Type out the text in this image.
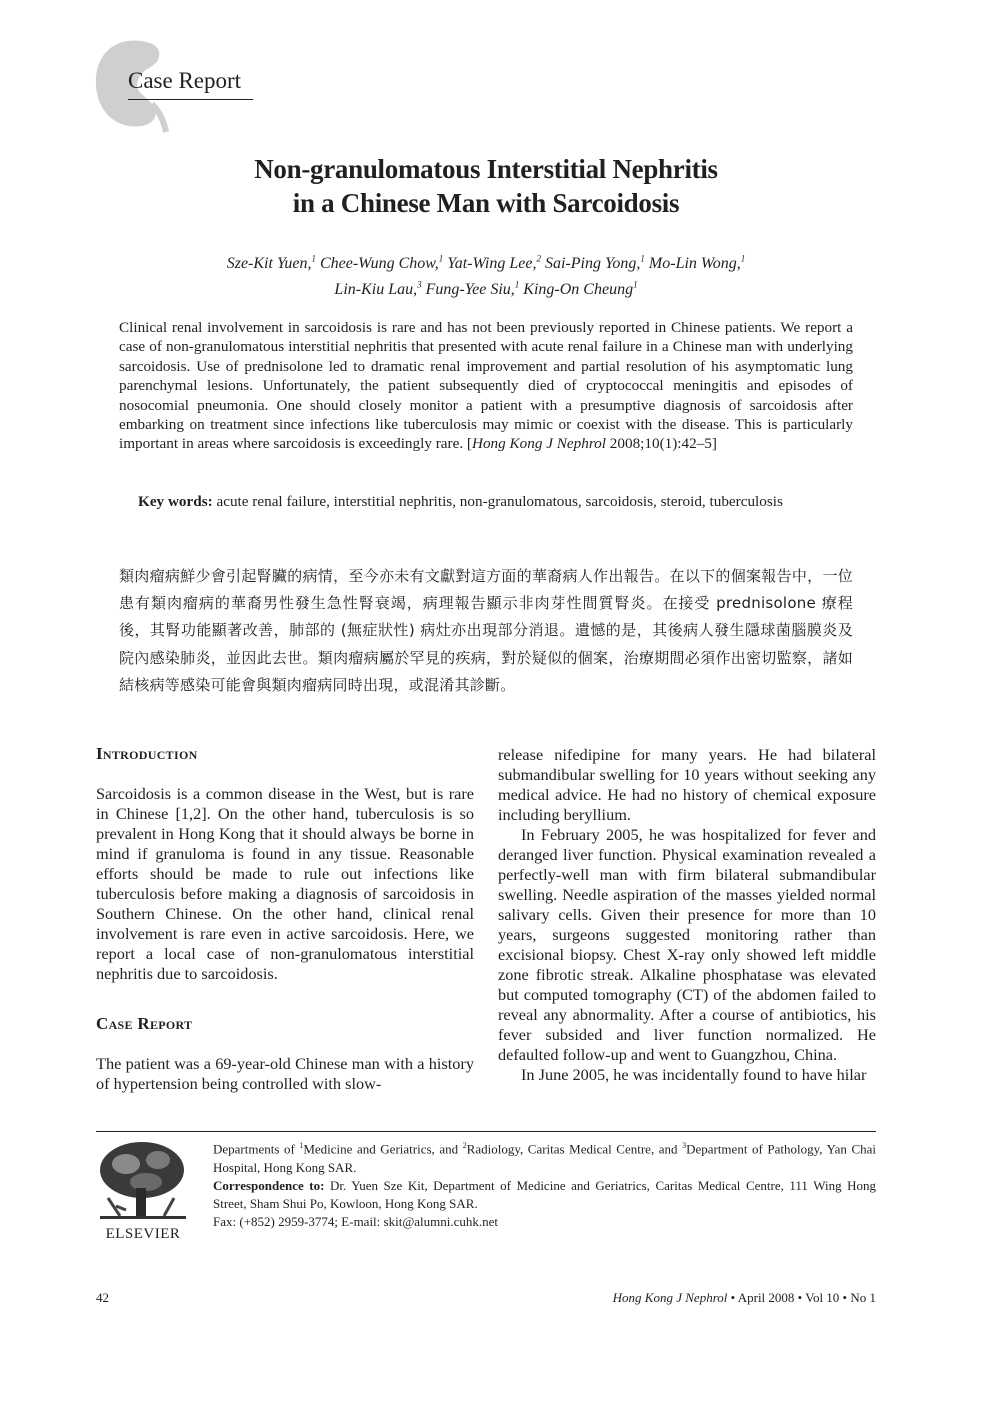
Case Report
Non-granulomatous Interstitial Nephritis
in a Chinese Man with Sarcoidosis
Sze-Kit Yuen,$^1$ Chee-Wung Chow,$^1$ Yat-Wing Lee,$^2$ Sai-Ping Yong,$^1$ Mo-Lin Wong,$^1$
Lin-Kiu Lau,$^3$ Fung-Yee Siu,$^1$ King-On Cheung$^1$
Clinical renal involvement in sarcoidosis is rare and has not been previously reported in Chinese patients. We report a case of non-granulomatous interstitial nephritis that presented with acute renal failure in a Chinese man with underlying sarcoidosis. Use of prednisolone led to dramatic renal improvement and partial resolution of his asymptomatic lung parenchymal lesions. Unfortunately, the patient subsequently died of cryptococcal meningitis and episodes of nosocomial pneumonia. One should closely monitor a patient with a presumptive diagnosis of sarcoidosis after embarking on treatment since infections like tuberculosis may mimic or coexist with the disease. This is particularly important in areas where sarcoidosis is exceedingly rare. [Hong Kong J Nephrol 2008;10(1):42–5]
Key words: acute renal failure, interstitial nephritis, non-granulomatous, sarcoidosis, steroid, tuberculosis
類肉瘤病鮮少會引起腎臟的病情，至今亦未有文獻對這方面的華裔病人作出報告。在以下的個案報告中，一位患有類肉瘤病的華裔男性發生急性腎衰竭，病理報告顯示非肉芽性間質腎炎。在接受 prednisolone 療程後，其腎功能顯著改善，肺部的 (無症狀性) 病灶亦出現部分消退。遺憾的是，其後病人發生隱球菌腦膜炎及院內感染肺炎，並因此去世。類肉瘤病屬於罕見的疾病，對於疑似的個案，治療期間必須作出密切監察，諸如結核病等感染可能會與類肉瘤病同時出現，或混淆其診斷。
Introduction

Sarcoidosis is a common disease in the West, but is rare in Chinese [1,2]. On the other hand, tuberculosis is so prevalent in Hong Kong that it should always be borne in mind if granuloma is found in any tissue. Reasonable efforts should be made to rule out infections like tuberculosis before making a diagnosis of sarcoidosis in Southern Chinese. On the other hand, clinical renal involvement is rare even in active sarcoidosis. Here, we report a local case of non-granulomatous interstitial nephritis due to sarcoidosis.

Case Report

The patient was a 69-year-old Chinese man with a history of hypertension being controlled with slow-

release nifedipine for many years. He had bilateral submandibular swelling for 10 years without seeking any medical advice. He had no history of chemical exposure including beryllium.

In February 2005, he was hospitalized for fever and deranged liver function. Physical examination revealed a perfectly-well man with firm bilateral submandibular swelling. Needle aspiration of the masses yielded normal salivary cells. Given their presence for more than 10 years, surgeons suggested monitoring rather than excisional biopsy. Chest X-ray only showed left middle zone fibrotic streak. Alkaline phosphatase was elevated but computed tomography (CT) of the abdomen failed to reveal any abnormality. After a course of antibiotics, his fever subsided and liver function normalized. He defaulted follow-up and went to Guangzhou, China.

In June 2005, he was incidentally found to have hilar

ELSEVIER

Departments of $^1$Medicine and Geriatrics, and $^2$Radiology, Caritas Medical Centre, and $^3$Department of Pathology, Yan Chai Hospital, Hong Kong SAR.

Correspondence to: Dr. Yuen Sze Kit, Department of Medicine and Geriatrics, Caritas Medical Centre, 111 Wing Hong Street, Sham Shui Po, Kowloon, Hong Kong SAR.

Fax: (+852) 2959-3774; E-mail: skit@alumni.cuhk.net

42	Hong Kong J Nephrol • April 2008 • Vol 10 • No 1
